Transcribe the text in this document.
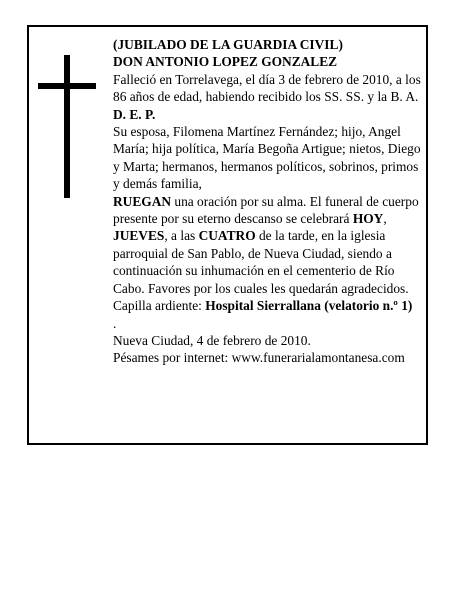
(JUBILADO DE LA GUARDIA CIVIL)

DON ANTONIO LOPEZ GONZALEZ

Falleció en Torrelavega, el día 3 de febrero de 2010, a los 86 años de edad, habiendo recibido los SS. SS. y la B. A.

D. E. P.

Su esposa, Filomena Martínez Fernández; hijo, Angel María; hija política, María Begoña Artigue; nietos, Diego y Marta; hermanos, hermanos políticos, sobrinos, primos y demás familia,

RUEGAN una oración por su alma. El funeral de cuerpo presente por su eterno descanso se celebrará HOY, JUEVES, a las CUATRO de la tarde, en la iglesia parroquial de San Pablo, de Nueva Ciudad, siendo a continuación su inhumación en el cementerio de Río Cabo. Favores por los cuales les quedarán agradecidos.

Capilla ardiente: Hospital Sierrallana (velatorio n.º 1)

.

Nueva Ciudad, 4 de febrero de 2010.

Pésames por internet: www.funerarialamontanesa.com
